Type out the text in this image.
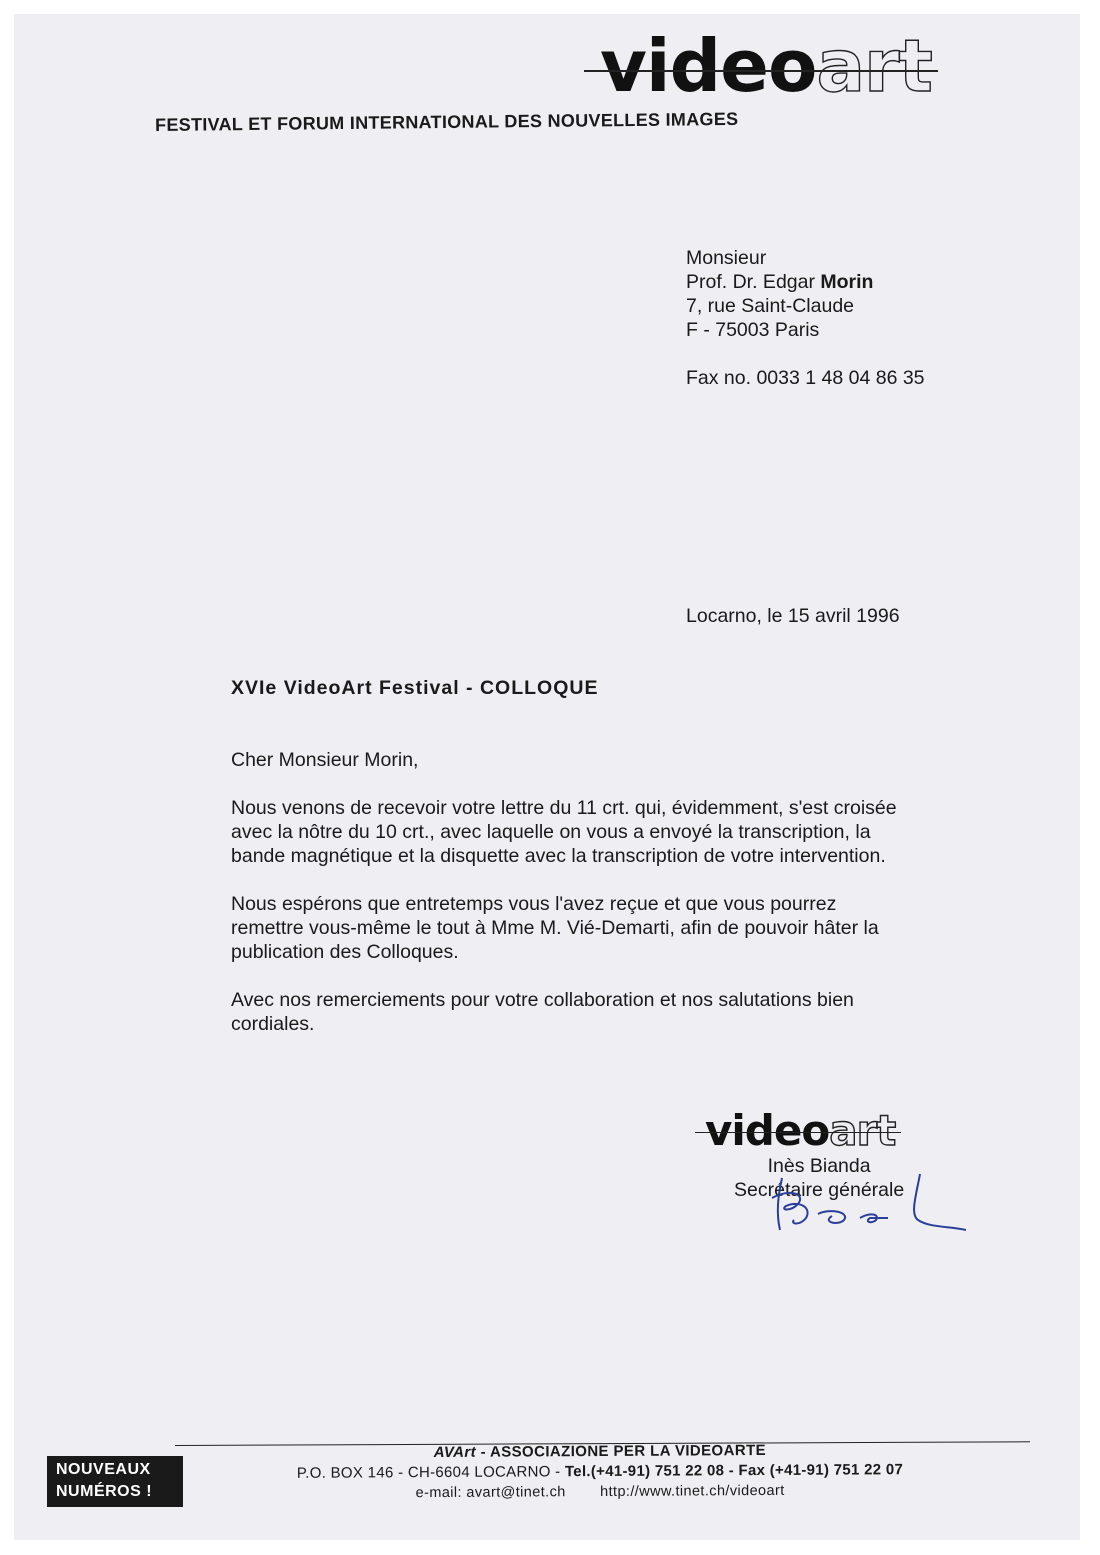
videoart
FESTIVAL ET FORUM INTERNATIONAL DES NOUVELLES IMAGES
Monsieur
Prof. Dr. Edgar Morin
7, rue Saint-Claude
F - 75003 Paris
Fax no. 0033 1 48 04 86 35
Locarno, le 15 avril 1996
XVIe VideoArt Festival - COLLOQUE
Cher Monsieur Morin,
Nous venons de recevoir votre lettre du 11 crt. qui, évidemment, s'est croisée
avec la nôtre du 10 crt., avec laquelle on vous a envoyé la transcription, la
bande magnétique et la disquette avec la transcription de votre intervention.
Nous espérons que entretemps vous l'avez reçue et que vous pourrez
remettre vous-même le tout à Mme M. Vié-Demarti, afin de pouvoir hâter la
publication des Colloques.
Avec nos remerciements pour votre collaboration et nos salutations bien
cordiales.
videoart
Inès Bianda
Secrétaire générale
AVArt - ASSOCIAZIONE PER LA VIDEOARTE
P.O. BOX 146 - CH-6604 LOCARNO - Tel.(+41-91) 751 22 08 - Fax (+41-91) 751 22 07
e-mail: avart@tinet.ch http://www.tinet.ch/videoart
NOUVEAUX
NUMÉROS !
